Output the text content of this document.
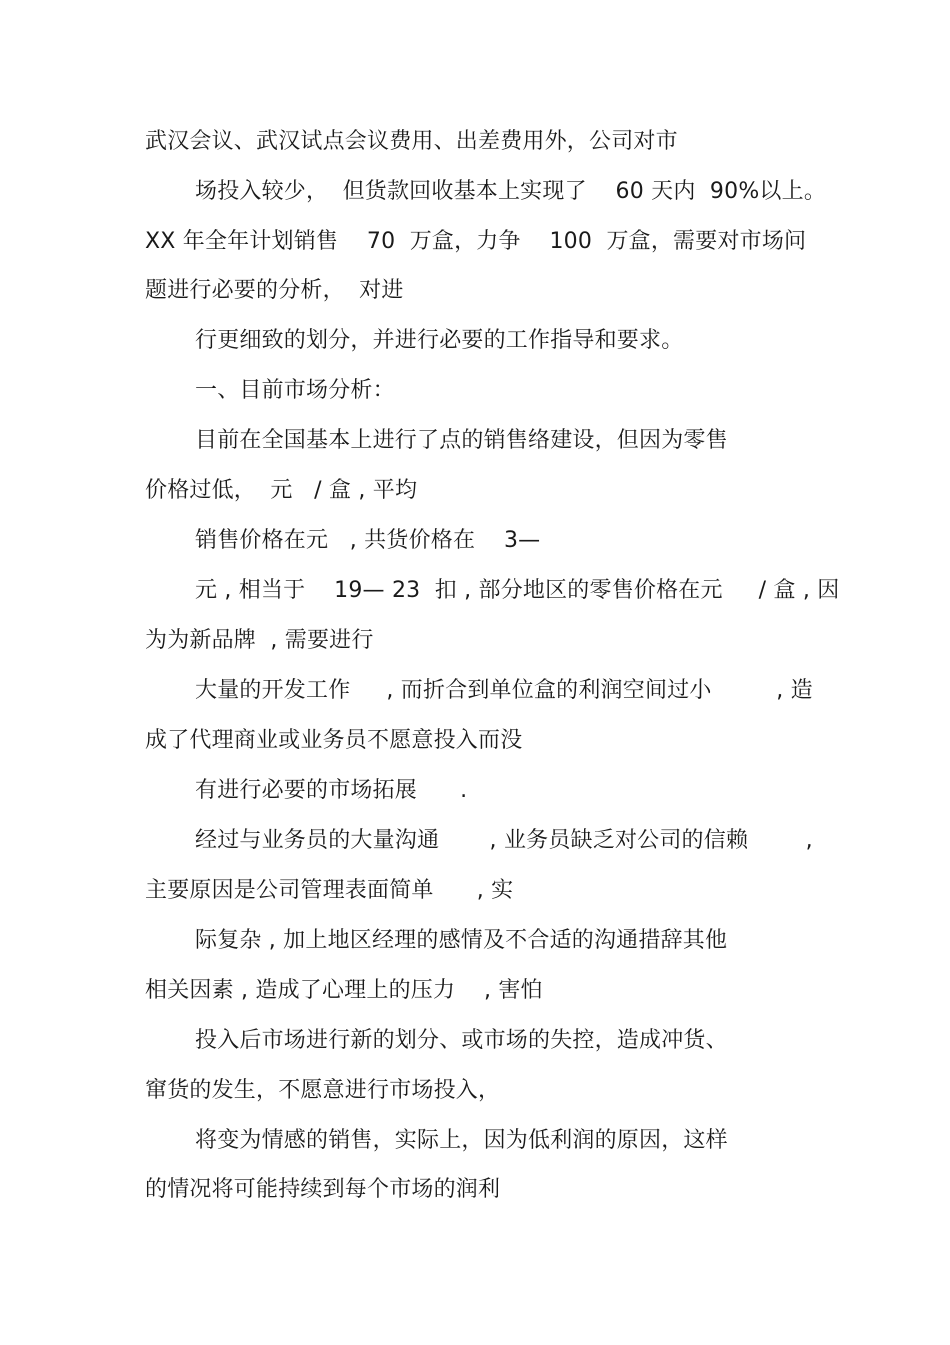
武汉会议、武汉试点会议费用、出差费用外，公司对市
场投入较少，  但货款回收基本上实现了    60 天内  90%以上。
XX 年全年计划销售    70  万盒，力争    100  万盒，需要对市场问
题进行必要的分析，  对进
行更细致的划分，并进行必要的工作指导和要求。
一、目前市场分析：
目前在全国基本上进行了点的销售络建设，但因为零售
价格过低，  元   / 盒 , 平均
销售价格在元   , 共货价格在    3—
元 , 相当于    19— 23  扣 , 部分地区的零售价格在元     / 盒 , 因
为为新品牌  , 需要进行
大量的开发工作     , 而折合到单位盒的利润空间过小         , 造
成了代理商业或业务员不愿意投入而没
有进行必要的市场拓展      .
经过与业务员的大量沟通       , 业务员缺乏对公司的信赖        ,
主要原因是公司管理表面简单      , 实
际复杂 , 加上地区经理的感情及不合适的沟通措辞其他
相关因素 , 造成了心理上的压力    , 害怕
投入后市场进行新的划分、或市场的失控，造成冲货、
窜货的发生，不愿意进行市场投入，
将变为情感的销售，实际上，因为低利润的原因，这样
的情况将可能持续到每个市场的润利
